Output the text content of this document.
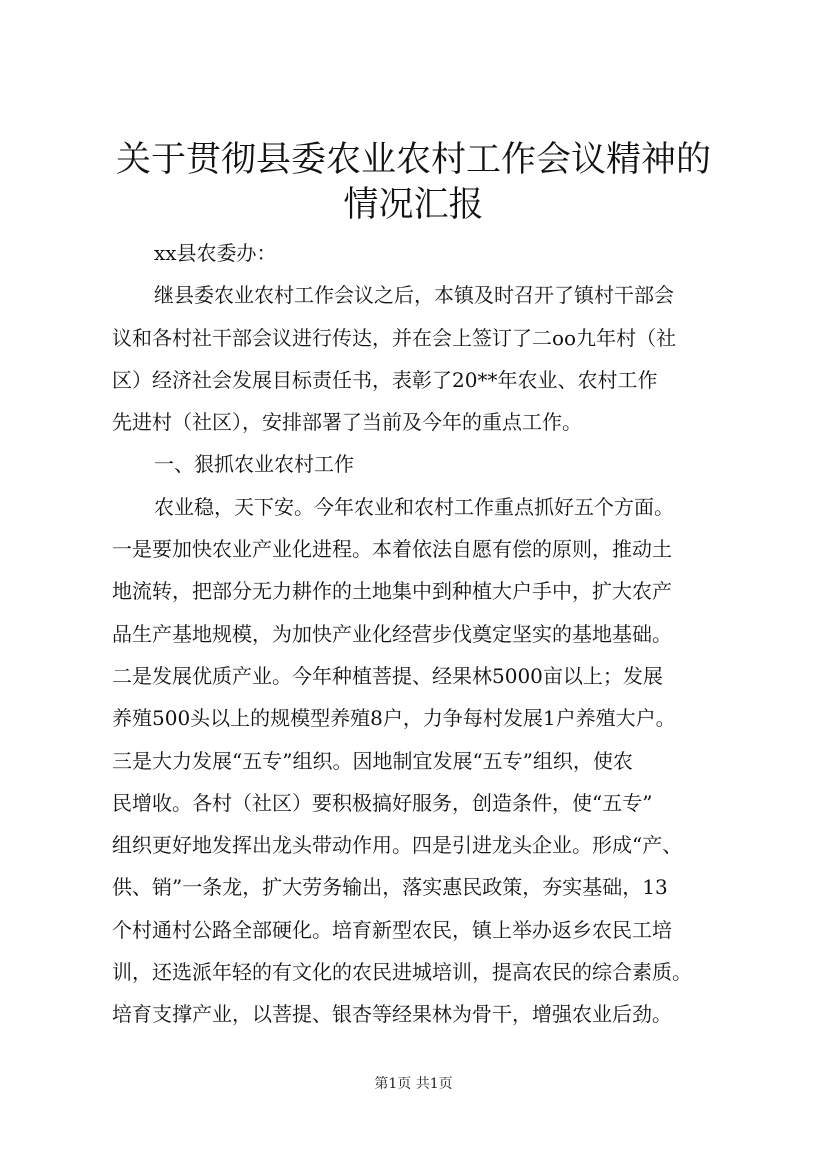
关于贯彻县委农业农村工作会议精神的情况汇报
xx县农委办：
继县委农业农村工作会议之后，本镇及时召开了镇村干部会
议和各村社干部会议进行传达，并在会上签订了二oo九年村（社
区）经济社会发展目标责任书，表彰了20**年农业、农村工作
先进村（社区），安排部署了当前及今年的重点工作。
一、狠抓农业农村工作
农业稳，天下安。今年农业和农村工作重点抓好五个方面。
一是要加快农业产业化进程。本着依法自愿有偿的原则，推动土
地流转，把部分无力耕作的土地集中到种植大户手中，扩大农产
品生产基地规模，为加快产业化经营步伐奠定坚实的基地基础。
二是发展优质产业。今年种植菩提、经果林5000亩以上；发展
养殖500头以上的规模型养殖8户，力争每村发展1户养殖大户。
三是大力发展“五专”组织。因地制宜发展“五专”组织，使农
民增收。各村（社区）要积极搞好服务，创造条件，使“五专”
组织更好地发挥出龙头带动作用。四是引进龙头企业。形成“产、
供、销”一条龙，扩大劳务输出，落实惠民政策，夯实基础，13
个村通村公路全部硬化。培育新型农民，镇上举办返乡农民工培
训，还选派年轻的有文化的农民进城培训，提高农民的综合素质。
培育支撑产业，以菩提、银杏等经果林为骨干，增强农业后劲。
第1页 共1页
